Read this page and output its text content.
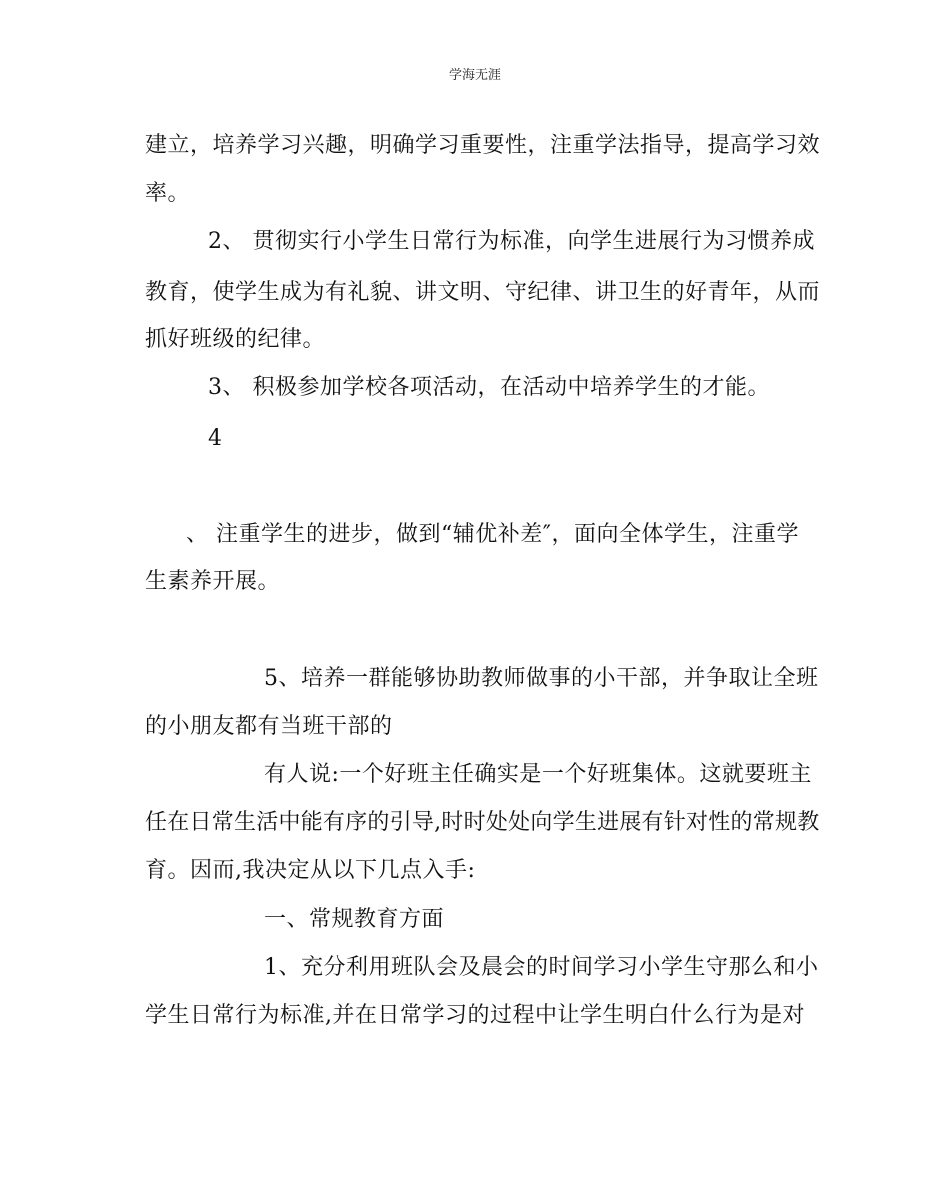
学海无涯
建立，培养学习兴趣，明确学习重要性，注重学法指导，提高学习效
率。
2、 贯彻实行小学生日常行为标准，向学生进展行为习惯养成
教育，使学生成为有礼貌、讲文明、守纪律、讲卫生的好青年，从而
抓好班级的纪律。
3、 积极参加学校各项活动，在活动中培养学生的才能。
4
、 注重学生的进步，做到“辅优补差″，面向全体学生，注重学
生素养开展。
5、培养一群能够协助教师做事的小干部，并争取让全班
的小朋友都有当班干部的
有人说:一个好班主任确实是一个好班集体。这就要班主
任在日常生活中能有序的引导,时时处处向学生进展有针对性的常规教
育。因而,我决定从以下几点入手:
一、常规教育方面
1、充分利用班队会及晨会的时间学习小学生守那么和小
学生日常行为标准,并在日常学习的过程中让学生明白什么行为是对
